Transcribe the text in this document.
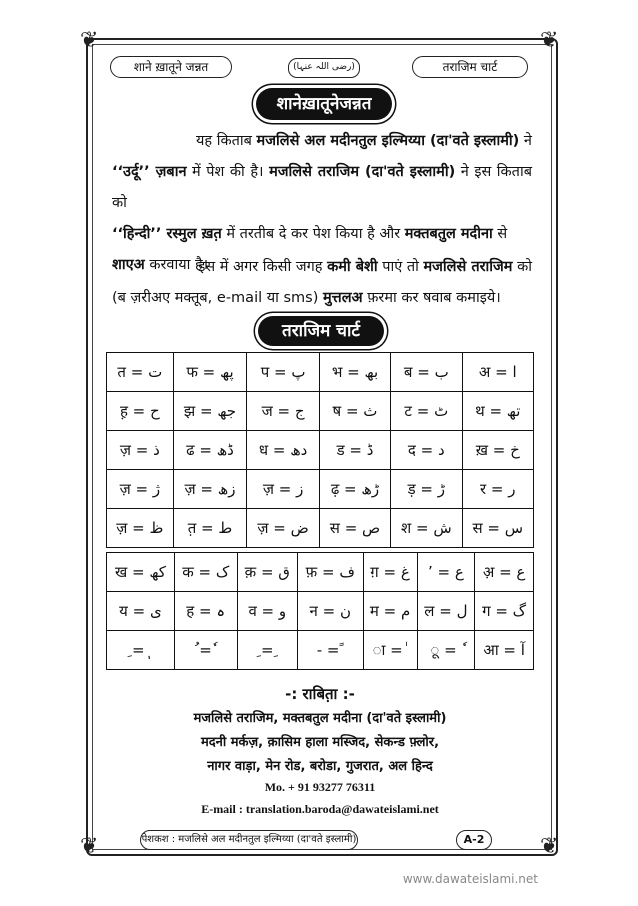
❦	❦
❦	❦
शाने ख़ातूने जन्नत	(رضی اللہ عنہا)	तराजिम चार्ट
शानेख़ातूनेजन्नत
यह किताब मजलिसे अल मदीनतुल इल्मिय्या (दा'वते इस्लामी) ने
‘‘उर्दू’’ ज़बान में पेश की है। मजलिसे तराजिम (दा'वते इस्लामी) ने इस किताब को
‘‘हिन्दी’’ रस्मुल ख़त़ में तरतीब दे कर पेश किया है और मक्तबतुल मदीना से
शाएअ करवाया है।
इस में अगर किसी जगह कमी बेशी पाएं तो मजलिसे तराजिम को
(ब ज़रीअए मक्तूब, e-mail या sms) मुत्तलअ फ़रमा कर षवाब कमाइये।
तराजिम चार्ट
त = ت	फ = پھ	प = پ	भ = بھ	ब = ب	अ = ا
ह़ = ح	झ = جھ	ज = ج	ष = ث	ट = ٹ	थ = تھ
ज़ = ذ	ढ = ڈھ	ध = دھ	ड = ڈ	द = د	ख़ = خ
ज़ = ژ	ज़ = زھ	ज़ = ز	ढ़ = ڑھ	ड़ = ڑ	र = ر
ज़ = ظ	त़ = ط	ज़ = ض	स = ص	श = ش	स = س
ख = کھ	क = ک	क़ = ق	फ़ = ف	ग़ = غ	’ = ع	अ़ = ع
य = ی	ह = ہ	व = و	न = ن	म = م	ल = ل	ग = گ
ِ = ٖ	ُ = ٗ	ِ = ِ	- = ً	ा = ٰ	ू = ٗ	आ = آ
-: राबित़ा :-
मजलिसे तराजिम, मक्तबतुल मदीना (दा'वते इस्लामी)
मदनी मर्कज़, क़ासिम हाला मस्जिद, सेकन्ड फ़्लोर,
नागर वाड़ा, मेन रोड, बरोडा, गुजरात, अल हिन्द
Mo. + 91 93277 76311
E-mail : translation.baroda@dawateislami.net
पेशकश : मजलिसे अल मदीनतुल इल्मिय्या (दा'वते इस्लामी)	A-2
www.dawateislami.net
